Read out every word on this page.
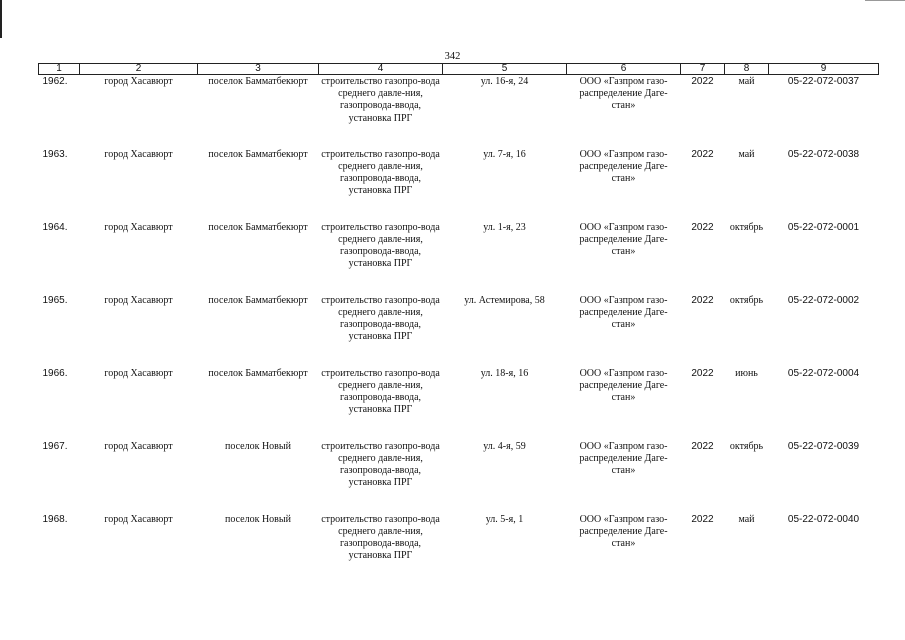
342
1	2	3	4	5	6	7	8	9
1962.	город Хасавюрт	поселок Бамматбекюрт	строительство газопро-вода среднего давле-ния, газопровода-ввода, установка ПРГ	ул. 16-я, 24	ООО «Газпром газо-распределение Даге-стан»	2022	май	05-22-072-0037
1963.	город Хасавюрт	поселок Бамматбекюрт	строительство газопро-вода среднего давле-ния, газопровода-ввода, установка ПРГ	ул. 7-я, 16	ООО «Газпром газо-распределение Даге-стан»	2022	май	05-22-072-0038
1964.	город Хасавюрт	поселок Бамматбекюрт	строительство газопро-вода среднего давле-ния, газопровода-ввода, установка ПРГ	ул. 1-я, 23	ООО «Газпром газо-распределение Даге-стан»	2022	октябрь	05-22-072-0001
1965.	город Хасавюрт	поселок Бамматбекюрт	строительство газопро-вода среднего давле-ния, газопровода-ввода, установка ПРГ	ул. Астемирова, 58	ООО «Газпром газо-распределение Даге-стан»	2022	октябрь	05-22-072-0002
1966.	город Хасавюрт	поселок Бамматбекюрт	строительство газопро-вода среднего давле-ния, газопровода-ввода, установка ПРГ	ул. 18-я, 16	ООО «Газпром газо-распределение Даге-стан»	2022	июнь	05-22-072-0004
1967.	город Хасавюрт	поселок Новый	строительство газопро-вода среднего давле-ния, газопровода-ввода, установка ПРГ	ул. 4-я, 59	ООО «Газпром газо-распределение Даге-стан»	2022	октябрь	05-22-072-0039
1968.	город Хасавюрт	поселок Новый	строительство газопро-вода среднего давле-ния, газопровода-ввода, установка ПРГ	ул. 5-я, 1	ООО «Газпром газо-распределение Даге-стан»	2022	май	05-22-072-0040
